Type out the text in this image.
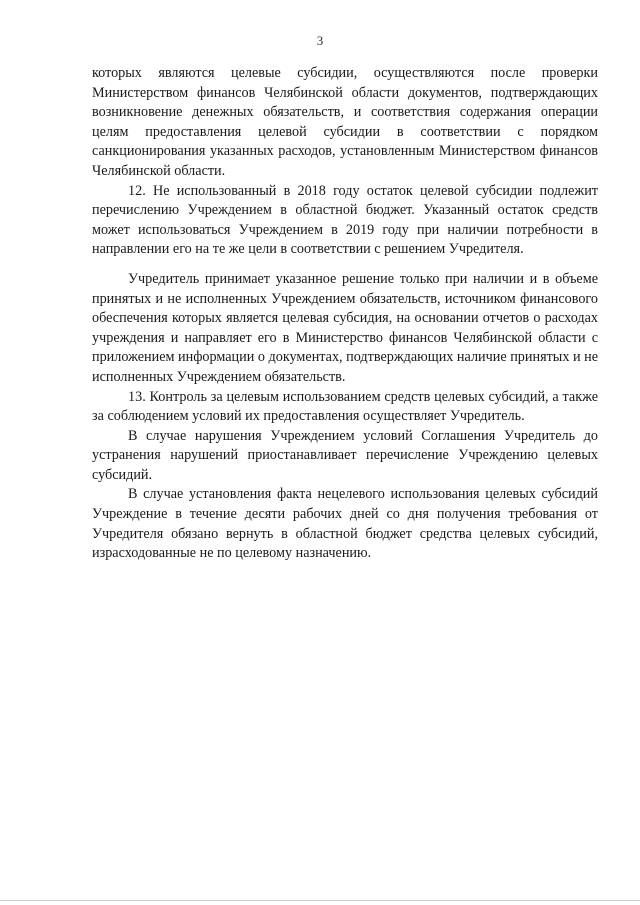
3

которых являются целевые субсидии, осуществляются после проверки Министерством финансов Челябинской области документов, подтверждающих возникновение денежных обязательств, и соответствия содержания операции целям предоставления целевой субсидии в соответствии с порядком санкционирования указанных расходов, установленным Министерством финансов Челябинской области.

12. Не использованный в 2018 году остаток целевой субсидии подлежит перечислению Учреждением в областной бюджет. Указанный остаток средств может использоваться Учреждением в 2019 году при наличии потребности в направлении его на те же цели в соответствии с решением Учредителя.

Учредитель принимает указанное решение только при наличии и в объеме принятых и не исполненных Учреждением обязательств, источником финансового обеспечения которых является целевая субсидия, на основании отчетов о расходах учреждения и направляет его в Министерство финансов Челябинской области с приложением информации о документах, подтверждающих наличие принятых и не исполненных Учреждением обязательств.

13. Контроль за целевым использованием средств целевых субсидий, а также за соблюдением условий их предоставления осуществляет Учредитель.

В случае нарушения Учреждением условий Соглашения Учредитель до устранения нарушений приостанавливает перечисление Учреждению целевых субсидий.

В случае установления факта нецелевого использования целевых субсидий Учреждение в течение десяти рабочих дней со дня получения требования от Учредителя обязано вернуть в областной бюджет средства целевых субсидий, израсходованные не по целевому назначению.
